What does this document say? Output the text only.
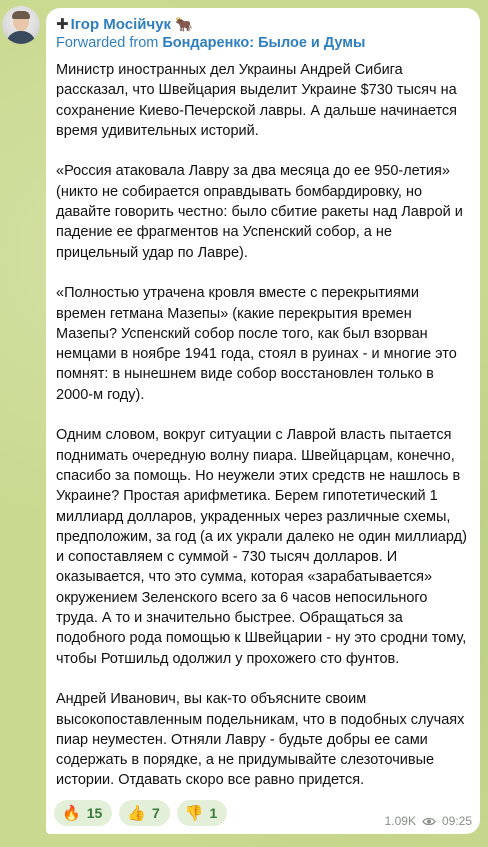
✚ Ігор Мосійчук 🐂
Forwarded from Бондаренко: Былое и Думы

Министр иностранных дел Украины Андрей Сибига рассказал, что Швейцария выделит Украине $730 тысяч на сохранение Киево-Печерской лавры. А дальше начинается время удивительных историй.

«Россия атаковала Лавру за два месяца до ее 950-летия» (никто не собирается оправдывать бомбардировку, но давайте говорить честно: было сбитие ракеты над Лаврой и падение ее фрагментов на Успенский собор, а не прицельный удар по Лавре).

«Полностью утрачена кровля вместе с перекрытиями времен гетмана Мазепы» (какие перекрытия времен Мазепы? Успенский собор после того, как был взорван немцами в ноябре 1941 года, стоял в руинах - и многие это помнят: в нынешнем виде собор восстановлен только в 2000-м году).

Одним словом, вокруг ситуации с Лаврой власть пытается поднимать очередную волну пиара. Швейцарцам, конечно, спасибо за помощь. Но неужели этих средств не нашлось в Украине? Простая арифметика. Берем гипотетический 1 миллиард долларов, украденных через различные схемы, предположим, за год (а их украли далеко не один миллиард) и сопоставляем с суммой - 730 тысяч долларов. И оказывается, что это сумма, которая «зарабатывается» окружением Зеленского всего за 6 часов непосильного труда. А то и значительно быстрее. Обращаться за подобного рода помощью к Швейцарии - ну это сродни тому, чтобы Ротшильд одолжил у прохожего сто фунтов.

Андрей Иванович, вы как-то объясните своим высокопоставленным подельникам, что в подобных случаях пиар неуместен. Отняли Лавру - будьте добры ее сами содержать в порядке, а не придумывайте слезоточивые истории. Отдавать скоро все равно придется.

🔥 15 👍 7 👎 1	1.09K 09:25
